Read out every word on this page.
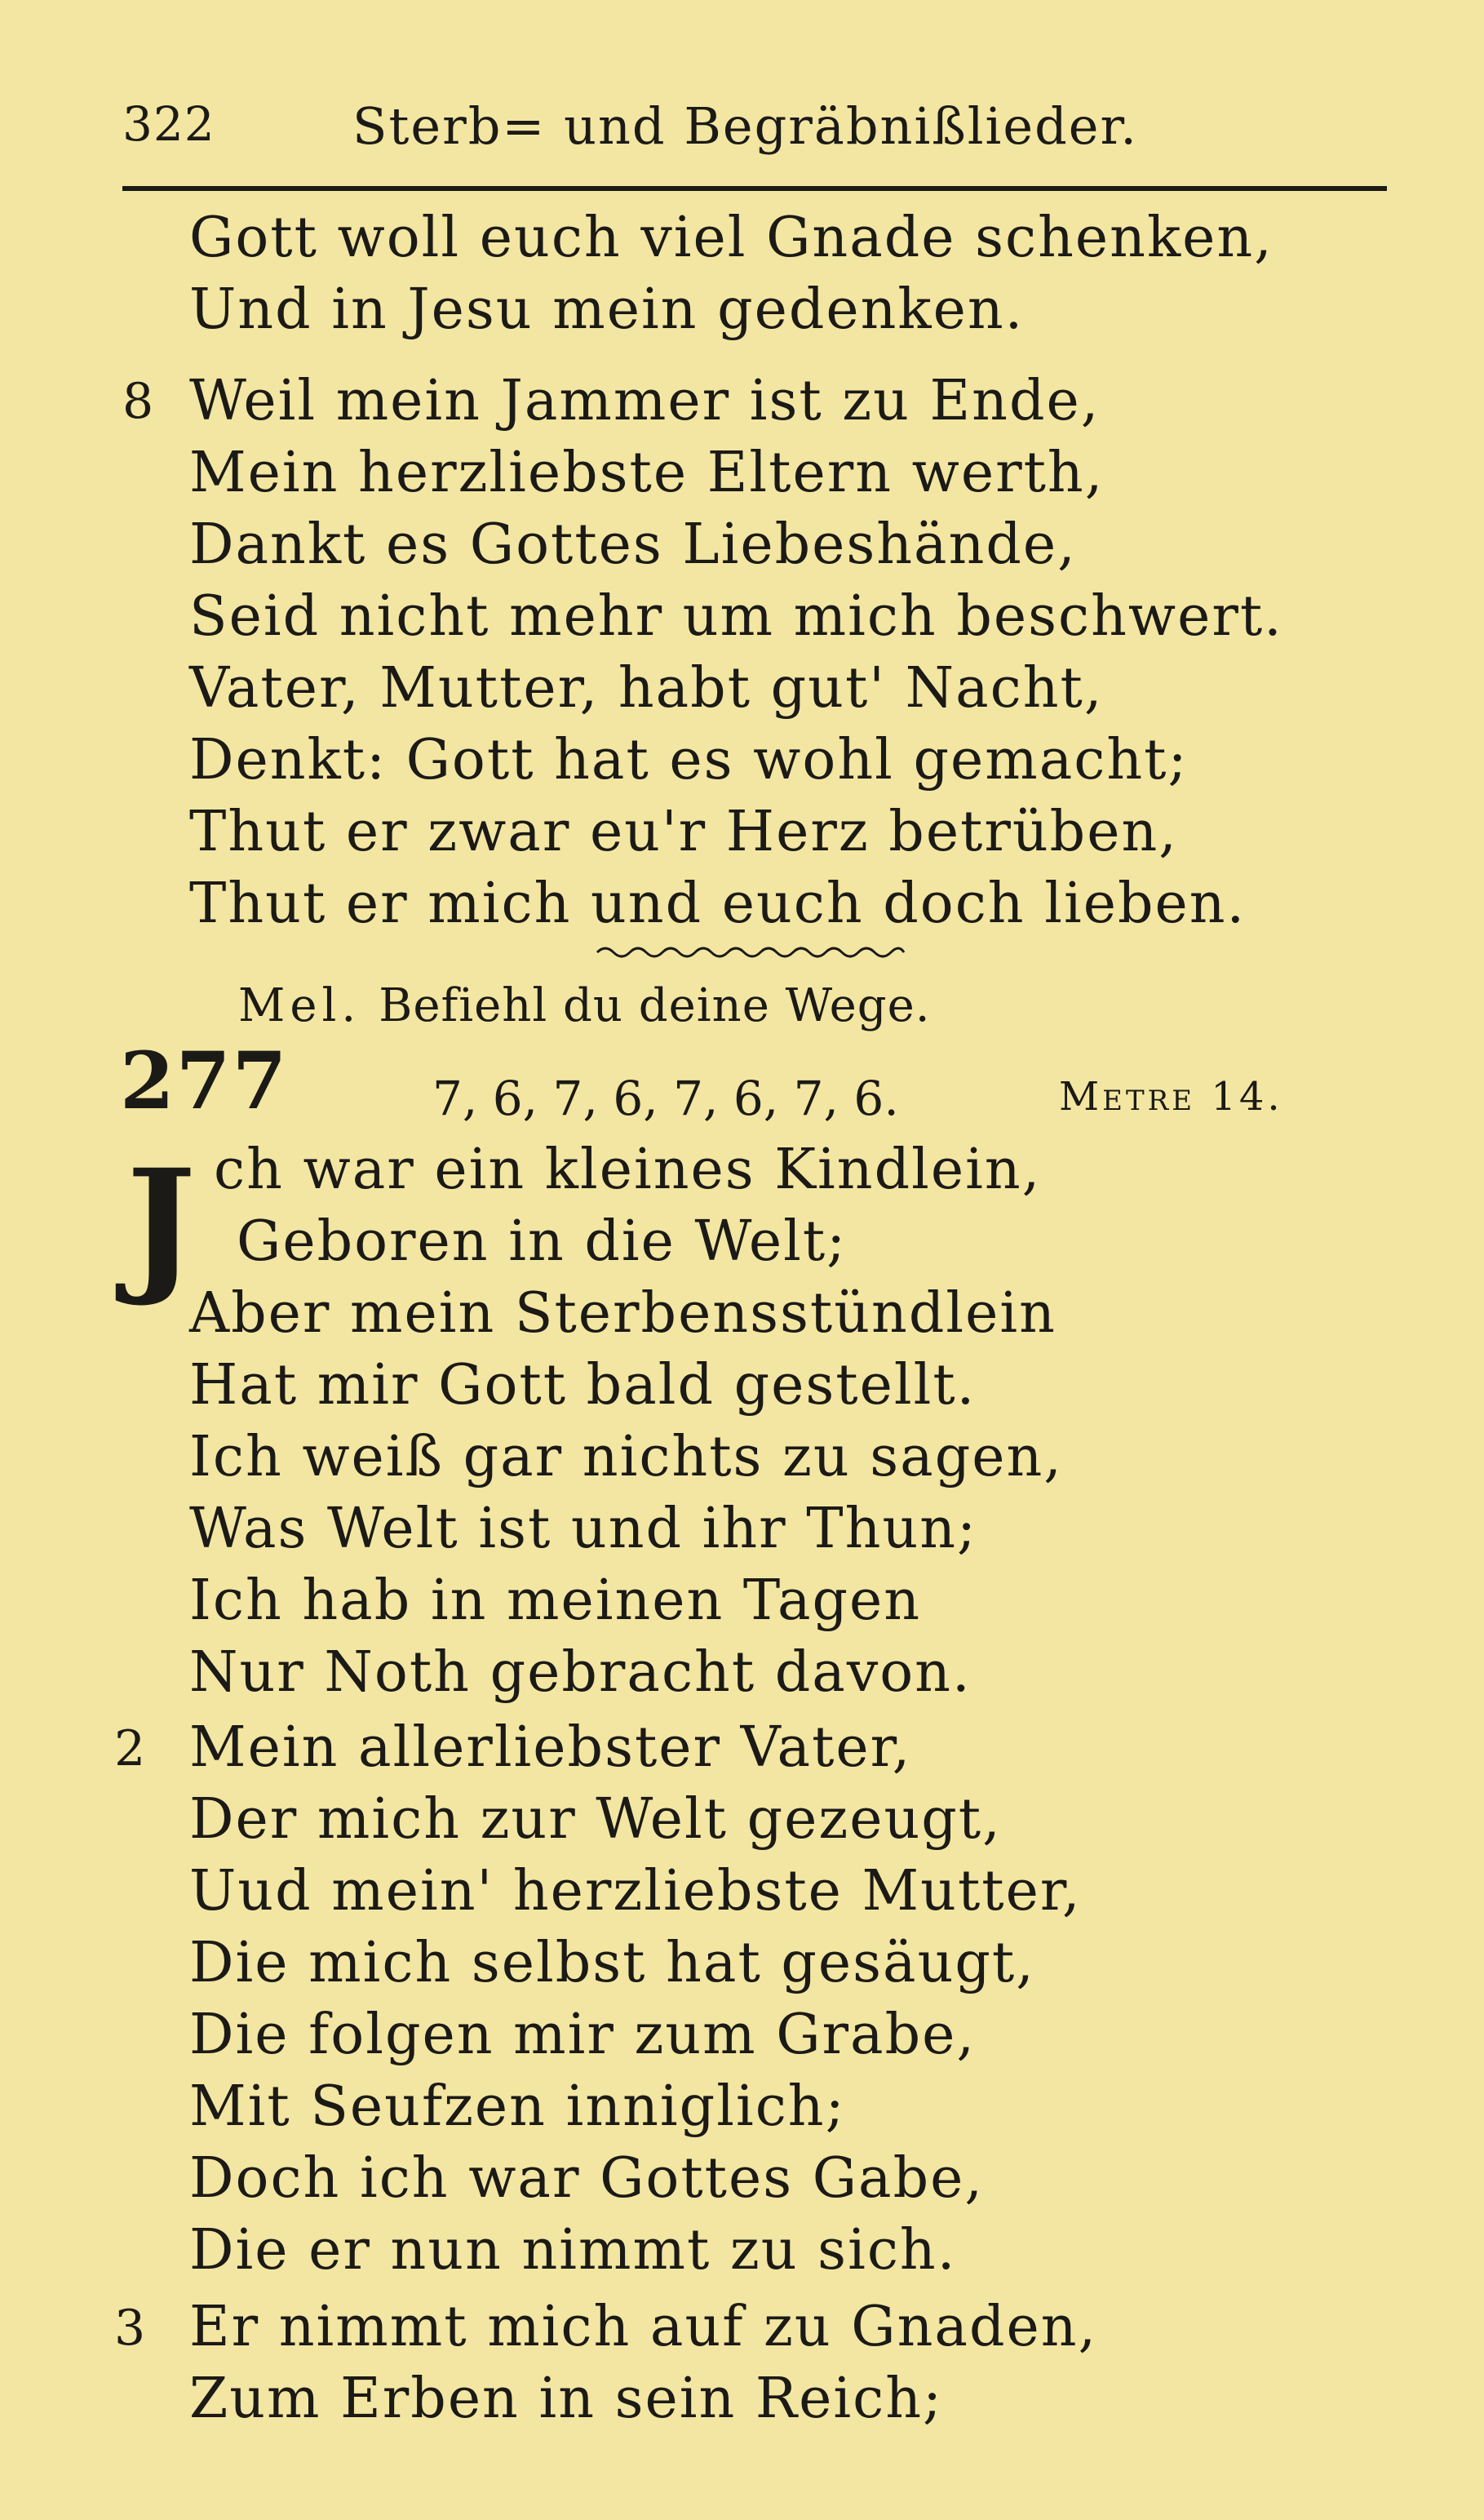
322	Sterb= und Begräbnißlieder.
Gott woll euch viel Gnade schenken,
Und in Jesu mein gedenken.
8 Weil mein Jammer ist zu Ende,
Mein herzliebste Eltern werth,
Dankt es Gottes Liebeshände,
Seid nicht mehr um mich beschwert.
Vater, Mutter, habt gut' Nacht,
Denkt: Gott hat es wohl gemacht;
Thut er zwar eu'r Herz betrüben,
Thut er mich und euch doch lieben.
Mel. Befiehl du deine Wege.
277	7, 6, 7, 6, 7, 6, 7, 6.	Metre 14.
J ch war ein kleines Kindlein,
Geboren in die Welt;
Aber mein Sterbensstündlein
Hat mir Gott bald gestellt.
Ich weiß gar nichts zu sagen,
Was Welt ist und ihr Thun;
Ich hab in meinen Tagen
Nur Noth gebracht davon.
2 Mein allerliebster Vater,
Der mich zur Welt gezeugt,
Uud mein' herzliebste Mutter,
Die mich selbst hat gesäugt,
Die folgen mir zum Grabe,
Mit Seufzen inniglich;
Doch ich war Gottes Gabe,
Die er nun nimmt zu sich.
3 Er nimmt mich auf zu Gnaden,
Zum Erben in sein Reich;
